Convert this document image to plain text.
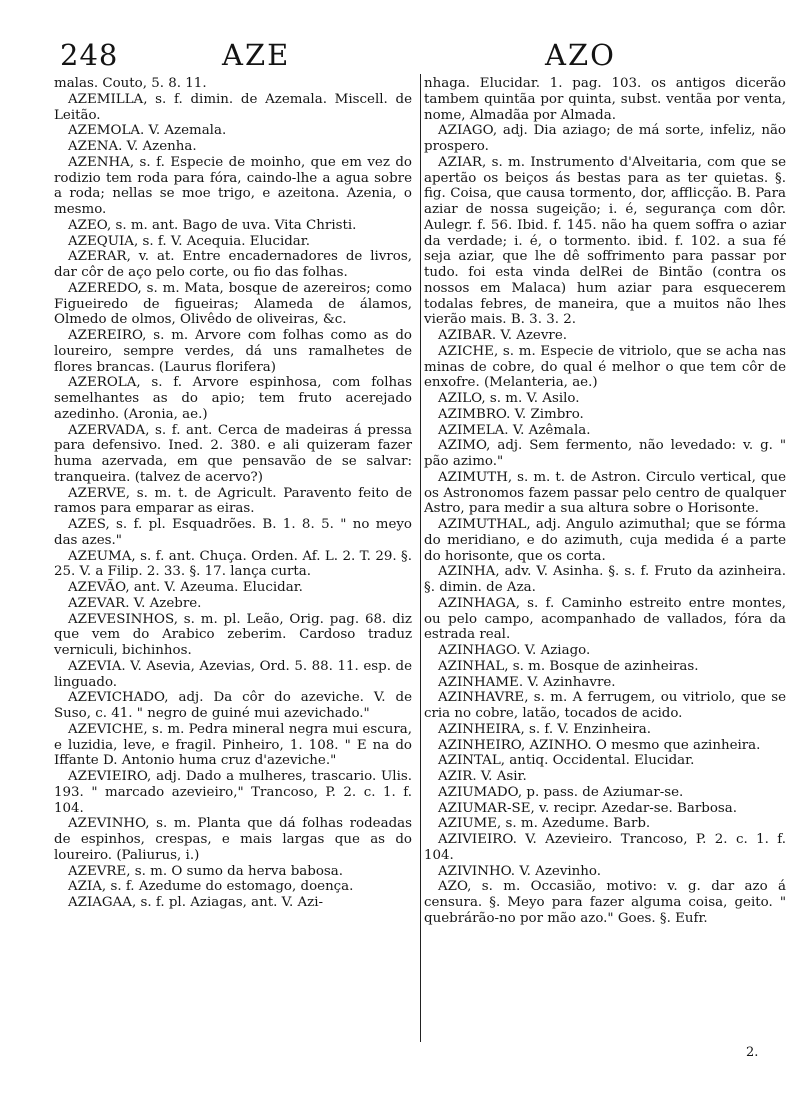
248	AZE	AZO

malas. Couto, 5. 8. 11.

AZEMILLA, s. f. dimin. de Azemala. Miscell. de Leitão.

AZEMOLA. V. Azemala.

AZENA. V. Azenha.

AZENHA, s. f. Especie de moinho, que em vez do rodizio tem roda para fóra, caindo-lhe a agua sobre a roda; nellas se moe trigo, e azeitona. Azenia, o mesmo.

AZEO, s. m. ant. Bago de uva. Vita Christi.

AZEQUIA, s. f. V. Acequia. Elucidar.

AZERAR, v. at. Entre encadernadores de livros, dar côr de aço pelo corte, ou fio das folhas.

AZEREDO, s. m. Mata, bosque de azereiros; como Figueiredo de figueiras; Alameda de álamos, Olmedo de olmos, Olivêdo de oliveiras, &c.

AZEREIRO, s. m. Arvore com folhas como as do loureiro, sempre verdes, dá uns ramalhetes de flores brancas. (Laurus florifera)

AZEROLA, s. f. Arvore espinhosa, com folhas semelhantes as do apio; tem fruto acerejado azedinho. (Aronia, ae.)

AZERVADA, s. f. ant. Cerca de madeiras á pressa para defensivo. Ined. 2. 380. e ali quizeram fazer huma azervada, em que pensavão de se salvar: tranqueira. (talvez de acervo?)

AZERVE, s. m. t. de Agricult. Paravento feito de ramos para emparar as eiras.

AZES, s. f. pl. Esquadrões. B. 1. 8. 5. " no meyo das azes."

AZEUMA, s. f. ant. Chuça. Orden. Af. L. 2. T. 29. §. 25. V. a Filip. 2. 33. §. 17. lança curta.

AZEVÃO, ant. V. Azeuma. Elucidar.

AZEVAR. V. Azebre.

AZEVESINHOS, s. m. pl. Leão, Orig. pag. 68. diz que vem do Arabico zeberim. Cardoso traduz verniculi, bichinhos.

AZEVIA. V. Asevia, Azevias, Ord. 5. 88. 11. esp. de linguado.

AZEVICHADO, adj. Da côr do azeviche. V. de Suso, c. 41. " negro de guiné mui azevichado."

AZEVICHE, s. m. Pedra mineral negra mui escura, e luzidia, leve, e fragil. Pinheiro, 1. 108. " E na do Iffante D. Antonio huma cruz d'azeviche."

AZEVIEIRO, adj. Dado a mulheres, trascario. Ulis. 193. " marcado azevieiro," Trancoso, P. 2. c. 1. f. 104.

AZEVINHO, s. m. Planta que dá folhas rodeadas de espinhos, crespas, e mais largas que as do loureiro. (Paliurus, i.)

AZEVRE, s. m. O sumo da herva babosa.

AZIA, s. f. Azedume do estomago, doença.

AZIAGAA, s. f. pl. Aziagas, ant. V. Azi-

nhaga. Elucidar. 1. pag. 103. os antigos dicerão tambem quintãa por quinta, subst. ventãa por venta, nome, Almadãa por Almada.

AZIAGO, adj. Dia aziago; de má sorte, infeliz, não prospero.

AZIAR, s. m. Instrumento d'Alveitaria, com que se apertão os beiços ás bestas para as ter quietas. §. fig. Coisa, que causa tormento, dor, afflicção. B. Para aziar de nossa sugeição; i. é, segurança com dôr. Aulegr. f. 56. Ibid. f. 145. não ha quem soffra o aziar da verdade; i. é, o tormento. ibid. f. 102. a sua fé seja aziar, que lhe dê soffrimento para passar por tudo. foi esta vinda delRei de Bintão (contra os nossos em Malaca) hum aziar para esquecerem todalas febres, de maneira, que a muitos não lhes vierão mais. B. 3. 3. 2.

AZIBAR. V. Azevre.

AZICHE, s. m. Especie de vitriolo, que se acha nas minas de cobre, do qual é melhor o que tem côr de enxofre. (Melanteria, ae.)

AZILO, s. m. V. Asilo.

AZIMBRO. V. Zimbro.

AZIMELA. V. Azêmala.

AZIMO, adj. Sem fermento, não levedado: v. g. " pão azimo."

AZIMUTH, s. m. t. de Astron. Circulo vertical, que os Astronomos fazem passar pelo centro de qualquer Astro, para medir a sua altura sobre o Horisonte.

AZIMUTHAL, adj. Angulo azimuthal; que se fórma do meridiano, e do azimuth, cuja medida é a parte do horisonte, que os corta.

AZINHA, adv. V. Asinha. §. s. f. Fruto da azinheira. §. dimin. de Aza.

AZINHAGA, s. f. Caminho estreito entre montes, ou pelo campo, acompanhado de vallados, fóra da estrada real.

AZINHAGO. V. Aziago.

AZINHAL, s. m. Bosque de azinheiras.

AZINHAME. V. Azinhavre.

AZINHAVRE, s. m. A ferrugem, ou vitriolo, que se cria no cobre, latão, tocados de acido.

AZINHEIRA, s. f. V. Enzinheira.

AZINHEIRO, AZINHO. O mesmo que azinheira.

AZINTAL, antiq. Occidental. Elucidar.

AZIR. V. Asir.

AZIUMADO, p. pass. de Aziumar-se.

AZIUMAR-SE, v. recipr. Azedar-se. Barbosa.

AZIUME, s. m. Azedume. Barb.

AZIVIEIRO. V. Azevieiro. Trancoso, P. 2. c. 1. f. 104.

AZIVINHO. V. Azevinho.

AZO, s. m. Occasião, motivo: v. g. dar azo á censura. §. Meyo para fazer alguma coisa, geito. " quebrárão-no por mão azo." Goes. §. Eufr.

2.
